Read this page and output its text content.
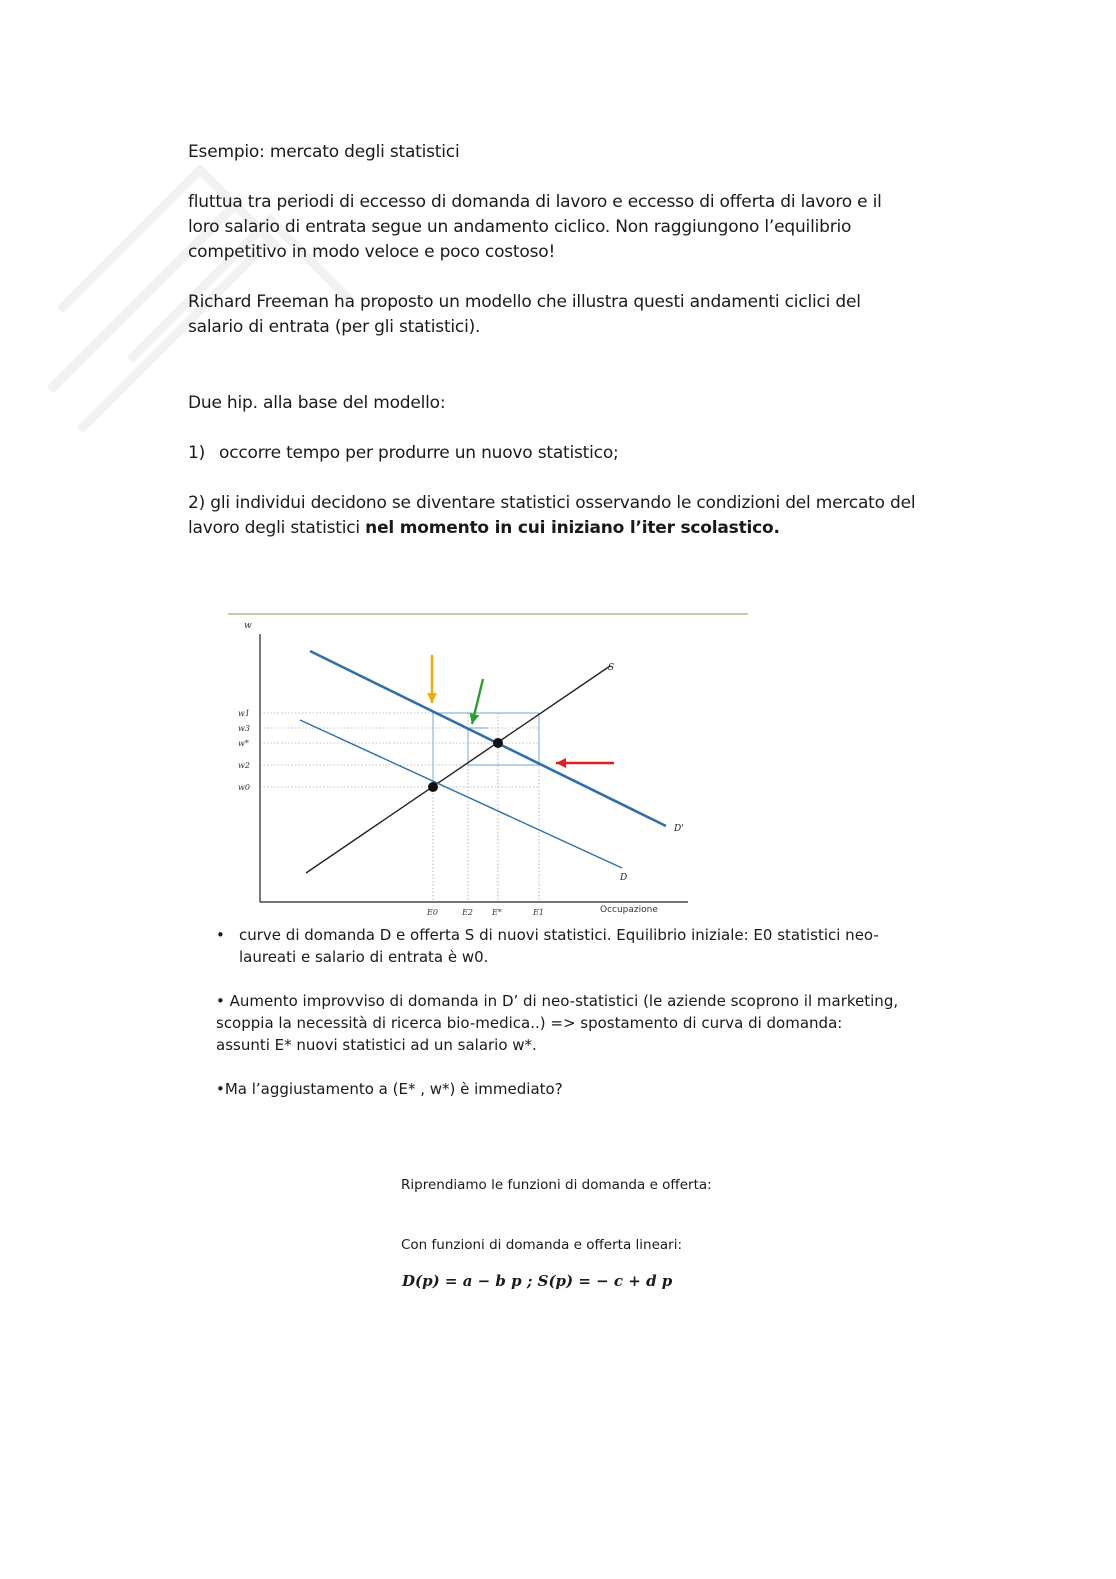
Esempio: mercato degli statistici

fluttua tra periodi di eccesso di domanda di lavoro e eccesso di offerta di lavoro e il

loro salario di entrata segue un andamento ciclico. Non raggiungono l’equilibrio

competitivo in modo veloce e poco costoso!

Richard Freeman ha proposto un modello che illustra questi andamenti ciclici del

salario di entrata (per gli statistici).

Due hip. alla base del modello:

1) occorre tempo per produrre un nuovo statistico;

2) gli individui decidono se diventare statistici osservando le condizioni del mercato del

lavoro degli statistici nel momento in cui iniziano l’iter scolastico.

w
Occupazione
S
D
D'
w1
w3
w*
w2
w0
E0	E2 E*	E1

• curve di domanda D e offerta S di nuovi statistici. Equilibrio iniziale: E0 statistici neo-

laureati e salario di entrata è w0.

• Aumento improvviso di domanda in D’ di neo-statistici (le aziende scoprono il marketing,

scoppia la necessità di ricerca bio-medica..) => spostamento di curva di domanda:

assunti E* nuovi statistici ad un salario w*.

•Ma l’aggiustamento a (E* , w*) è immediato?

Riprendiamo le funzioni di domanda e offerta:

Con funzioni di domanda e offerta lineari:

D(p) = a − b p ; S(p) = − c + d p
